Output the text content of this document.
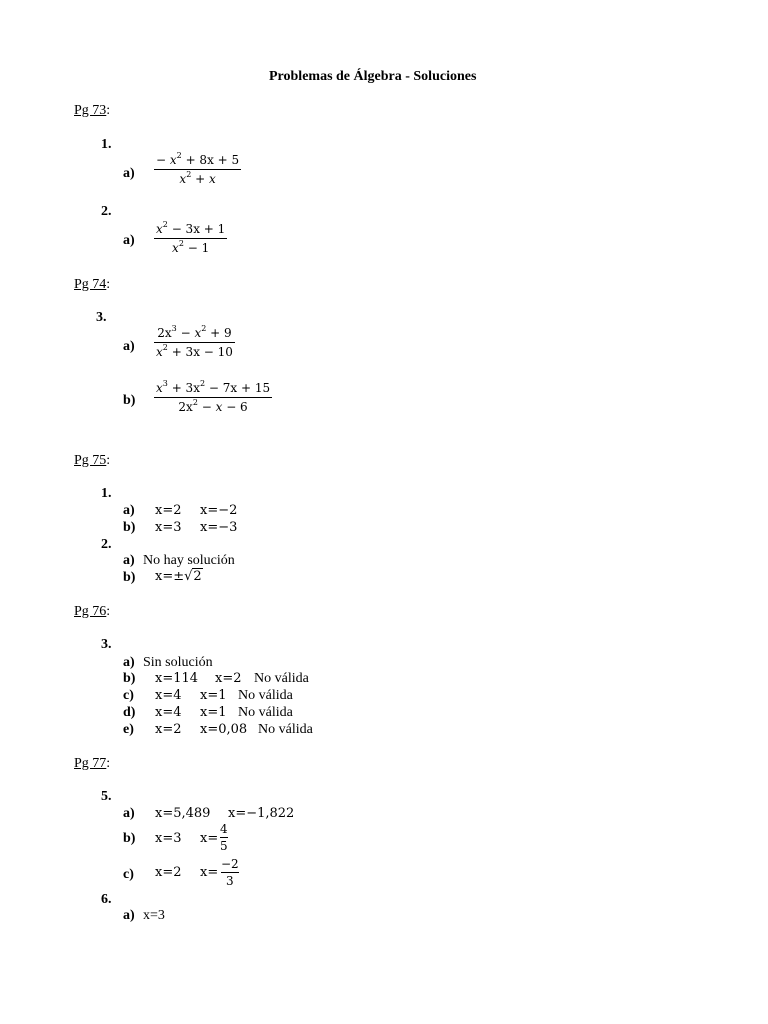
Problemas de Álgebra - Soluciones
Pg 73:
1.
a)
− $x^2 + 8x + 5$
$x^2 + x$
2.
a)
$x^2 - 3x + 1$
$x^2 - 1$
Pg 74:
3.
a)
$2x^3 - x^2 + 9$
$x^2 + 3x - 10$
b)
$x^3 + 3x^2 - 7x + 15$
$2x^2 - x - 6$
Pg 75:
1.
a) x=2 x=−2
b) x=3 x=−3
2.
a) No hay solución
b) x=±√2
Pg 76:
3.
a) Sin solución
b) x=114 x=2 No válida
c) x=4 x=1 No válida
d) x=4 x=1 No válida
e) x=2 x=0,08 No válida
Pg 77:
5.
a) x=5,489 x=−1,822
b) x=3 x=
4
5
c) x=2 x=
−2
3
6.
a) x=3
